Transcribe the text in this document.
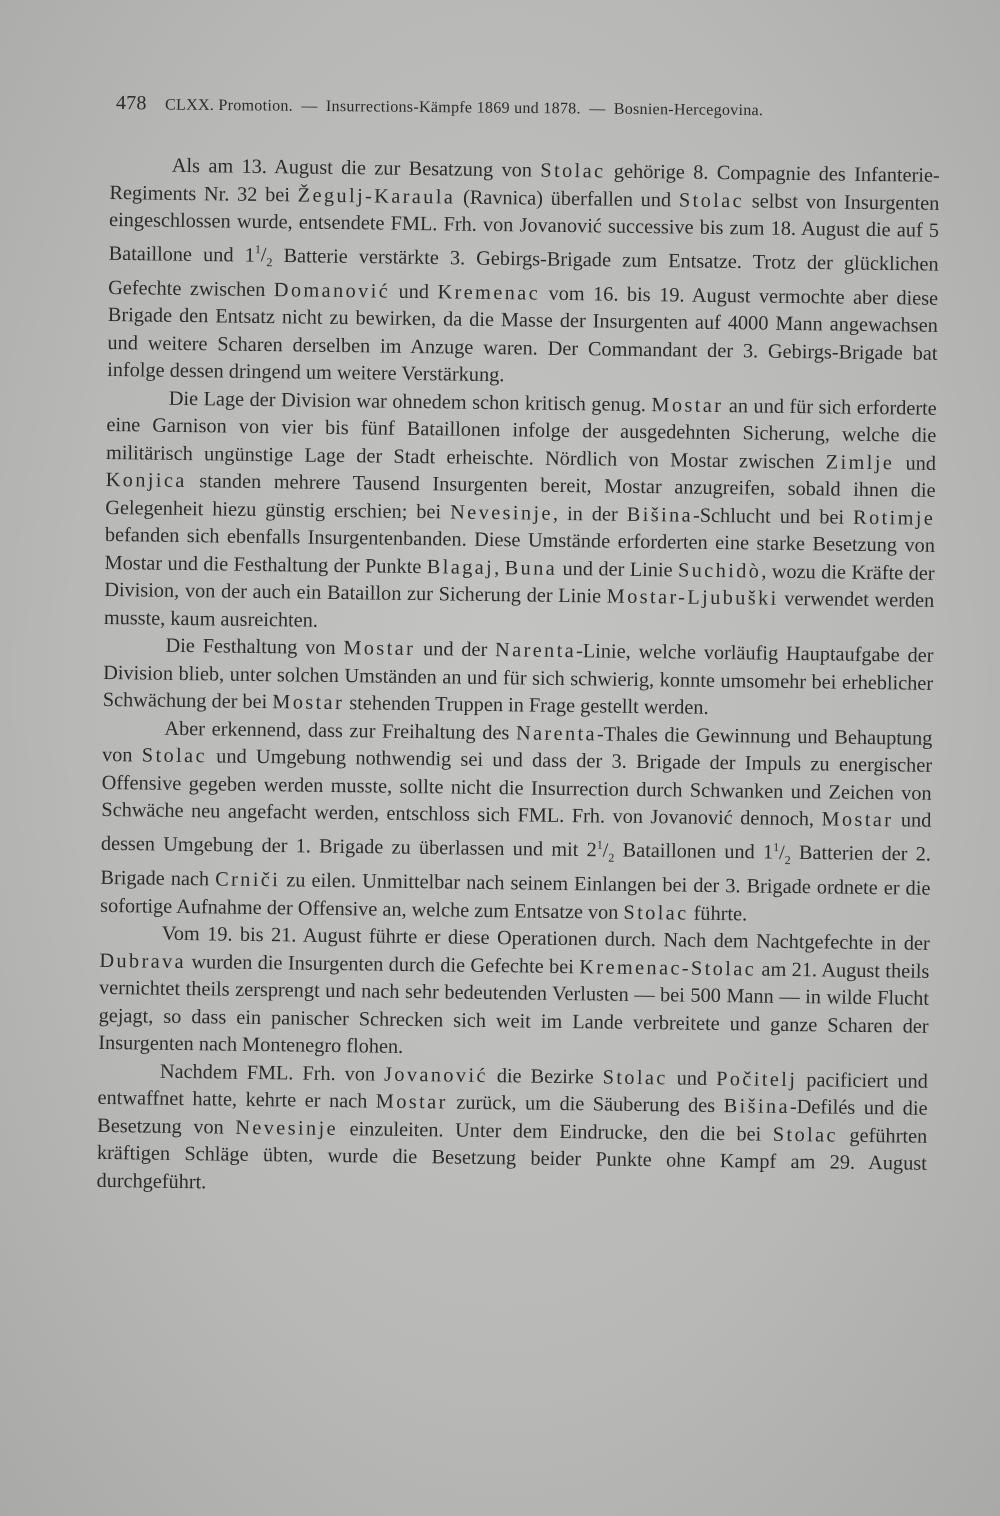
478 CLXX. Promotion. — Insurrections-Kämpfe 1869 und 1878. — Bosnien-Hercegovina.

Als am 13. August die zur Besatzung von Stolac gehörige 8. Compagnie des Infanterie-Regiments Nr. 32 bei Žegulj-Karaula (Ravnica) überfallen und Stolac selbst von Insurgenten eingeschlossen wurde, entsendete FML. Frh. von Jovanović successive bis zum 18. August die auf 5 Bataillone und $1^1/_2$ Batterie verstärkte 3. Gebirgs-Brigade zum Entsatze. Trotz der glücklichen Gefechte zwischen Domanović und Kremenac vom 16. bis 19. August vermochte aber diese Brigade den Entsatz nicht zu bewirken, da die Masse der Insurgenten auf 4000 Mann angewachsen und weitere Scharen derselben im Anzuge waren. Der Commandant der 3. Gebirgs-Brigade bat infolge dessen dringend um weitere Verstärkung.

Die Lage der Division war ohnedem schon kritisch genug. Mostar an und für sich erforderte eine Garnison von vier bis fünf Bataillonen infolge der ausgedehnten Sicherung, welche die militärisch ungünstige Lage der Stadt erheischte. Nördlich von Mostar zwischen Zimlje und Konjica standen mehrere Tausend Insurgenten bereit, Mostar anzugreifen, sobald ihnen die Gelegenheit hiezu günstig erschien; bei Nevesinje, in der Bišina-Schlucht und bei Rotimje befanden sich ebenfalls Insurgentenbanden. Diese Umstände erforderten eine starke Besetzung von Mostar und die Festhaltung der Punkte Blagaj, Buna und der Linie Suchidò, wozu die Kräfte der Division, von der auch ein Bataillon zur Sicherung der Linie Mostar-Ljubuški verwendet werden musste, kaum ausreichten.

Die Festhaltung von Mostar und der Narenta-Linie, welche vorläufig Hauptaufgabe der Division blieb, unter solchen Umständen an und für sich schwierig, konnte umsomehr bei erheblicher Schwächung der bei Mostar stehenden Truppen in Frage gestellt werden.

Aber erkennend, dass zur Freihaltung des Narenta-Thales die Gewinnung und Behauptung von Stolac und Umgebung nothwendig sei und dass der 3. Brigade der Impuls zu energischer Offensive gegeben werden musste, sollte nicht die Insurrection durch Schwanken und Zeichen von Schwäche neu angefacht werden, entschloss sich FML. Frh. von Jovanović dennoch, Mostar und dessen Umgebung der 1. Brigade zu überlassen und mit $2^1/_2$ Bataillonen und $1^1/_2$ Batterien der 2. Brigade nach Crniči zu eilen. Unmittelbar nach seinem Einlangen bei der 3. Brigade ordnete er die sofortige Aufnahme der Offensive an, welche zum Entsatze von Stolac führte.

Vom 19. bis 21. August führte er diese Operationen durch. Nach dem Nachtgefechte in der Dubrava wurden die Insurgenten durch die Gefechte bei Kremenac-Stolac am 21. August theils vernichtet theils zersprengt und nach sehr bedeutenden Verlusten — bei 500 Mann — in wilde Flucht gejagt, so dass ein panischer Schrecken sich weit im Lande verbreitete und ganze Scharen der Insurgenten nach Montenegro flohen.

Nachdem FML. Frh. von Jovanović die Bezirke Stolac und Počitelj pacificiert und entwaffnet hatte, kehrte er nach Mostar zurück, um die Säuberung des Bišina-Defilés und die Besetzung von Nevesinje einzuleiten. Unter dem Eindrucke, den die bei Stolac geführten kräftigen Schläge übten, wurde die Besetzung beider Punkte ohne Kampf am 29. August durchgeführt.
